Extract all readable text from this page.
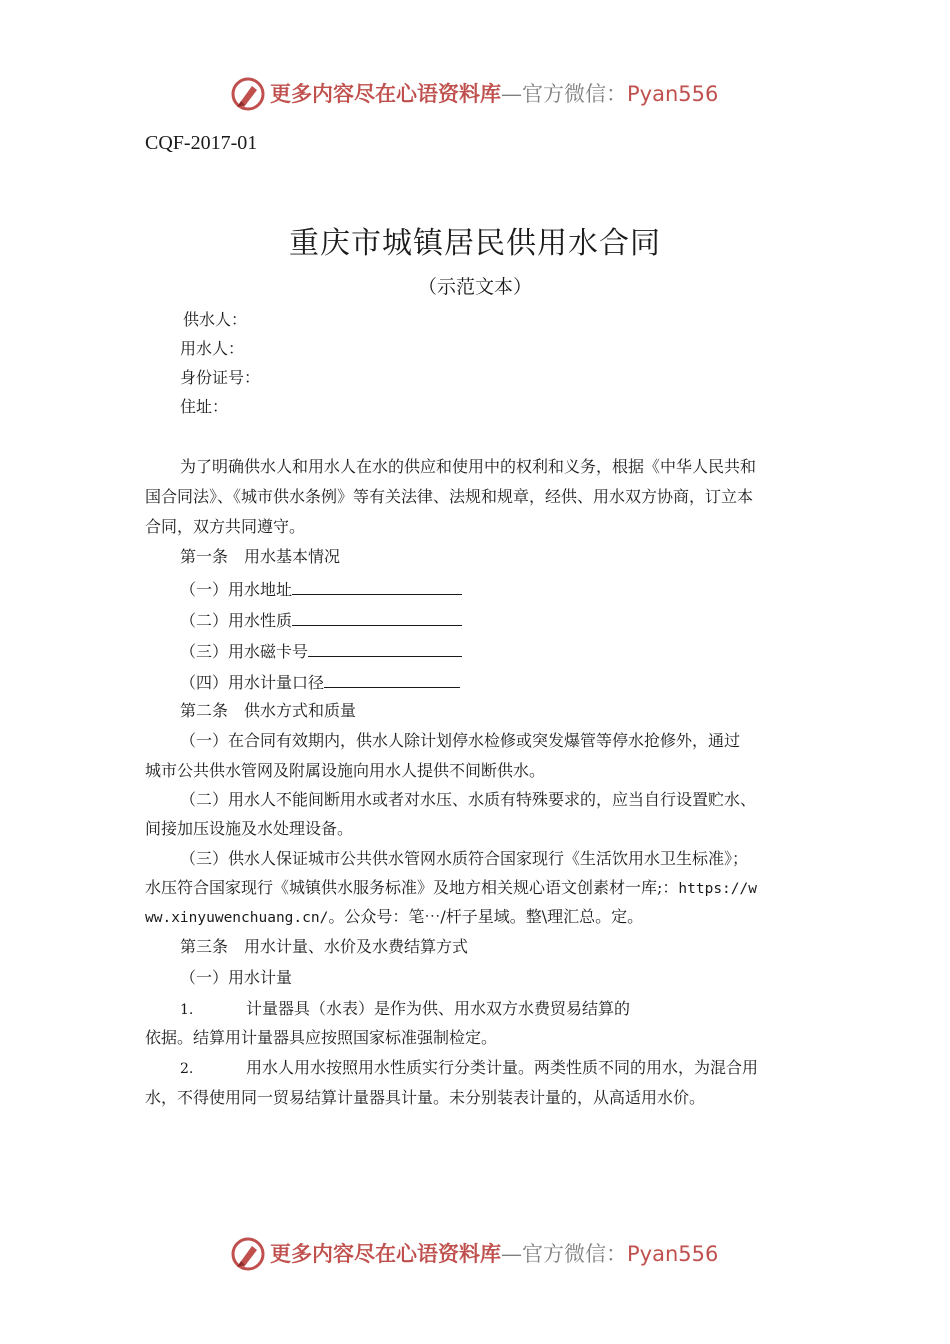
更多内容尽在心语资料库—官方微信：Pyan556
更多内容尽在心语资料库—官方微信：Pyan556
CQF-2017-01
重庆市城镇居民供用水合同
（示范文本）
供水人：
用水人：
身份证号：
住址：
为了明确供水人和用水人在水的供应和使用中的权利和义务，根据《中华人民共和
国合同法》、《城市供水条例》等有关法律、法规和规章，经供、用水双方协商，订立本
合同，双方共同遵守。
第一条　用水基本情况
（一）用水地址
（二）用水性质
（三）用水磁卡号
（四）用水计量口径
第二条　供水方式和质量
（一）在合同有效期内，供水人除计划停水检修或突发爆管等停水抢修外，通过
城市公共供水管网及附属设施向用水人提供不间断供水。
（二）用水人不能间断用水或者对水压、水质有特殊要求的，应当自行设置贮水、
间接加压设施及水处理设备。
（三）供水人保证城市公共供水管网水质符合国家现行《生活饮用水卫生标准》；
水压符合国家现行《城镇供水服务标准》及地方相关规心语文创素材一库;：https://w
ww.xinyuwenchuang.cn/。公众号：笔⋯/杆子星域。整\理汇总。定。
第三条　用水计量、水价及水费结算方式
（一）用水计量
1.	计量器具（水表）是作为供、用水双方水费贸易结算的
依据。结算用计量器具应按照国家标准强制检定。
2.	用水人用水按照用水性质实行分类计量。两类性质不同的用水，为混合用
水，不得使用同一贸易结算计量器具计量。未分别装表计量的，从高适用水价。
